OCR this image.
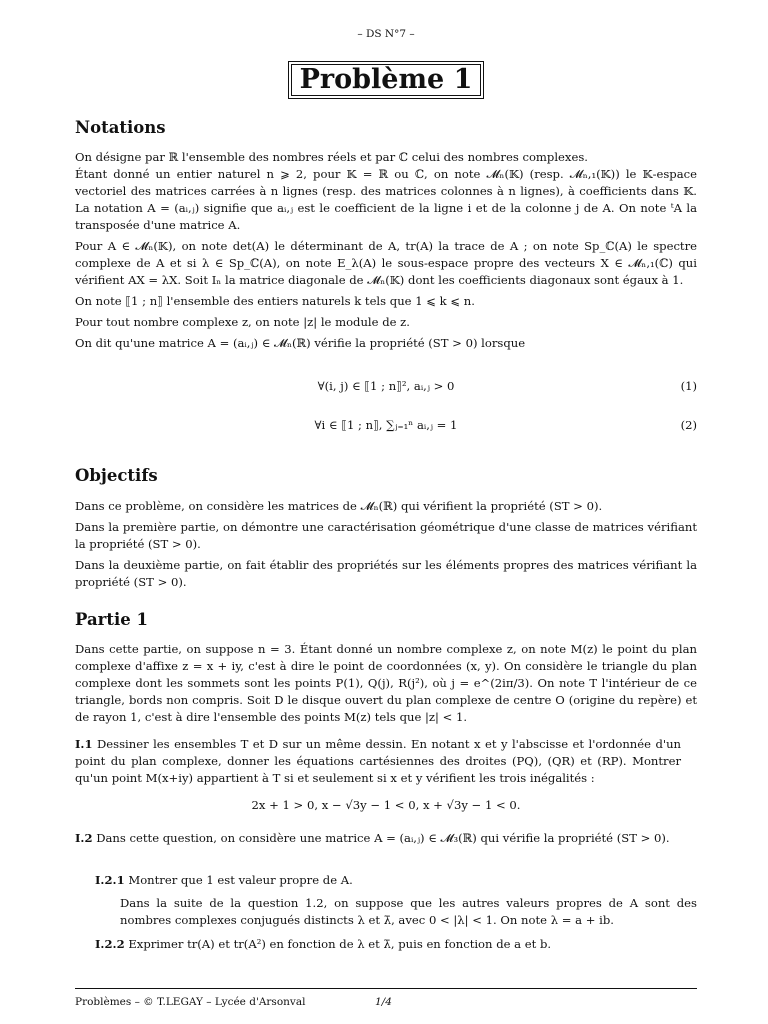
– DS N°7 –
Problème 1
Notations

On désigne par ℝ l'ensemble des nombres réels et par ℂ celui des nombres complexes.

Étant donné un entier naturel n ⩾ 2, pour 𝕂 = ℝ ou ℂ, on note 𝓜ₙ(𝕂) (resp. 𝓜ₙ,₁(𝕂)) le 𝕂-espace vectoriel des matrices carrées à n lignes (resp. des matrices colonnes à n lignes), à coefficients dans 𝕂. La notation A = (aᵢ,ⱼ) signifie que aᵢ,ⱼ est le coefficient de la ligne i et de la colonne j de A. On note ᵗA la transposée d'une matrice A.

Pour A ∈ 𝓜ₙ(𝕂), on note det(A) le déterminant de A, tr(A) la trace de A ; on note Sp_ℂ(A) le spectre complexe de A et si λ ∈ Sp_ℂ(A), on note E_λ(A) le sous-espace propre des vecteurs X ∈ 𝓜ₙ,₁(ℂ) qui vérifient AX = λX. Soit Iₙ la matrice diagonale de 𝓜ₙ(𝕂) dont les coefficients diagonaux sont égaux à 1.

On note ⟦1 ; n⟧ l'ensemble des entiers naturels k tels que 1 ⩽ k ⩽ n.

Pour tout nombre complexe z, on note |z| le module de z.

On dit qu'une matrice A = (aᵢ,ⱼ) ∈ 𝓜ₙ(ℝ) vérifie la propriété (ST > 0) lorsque

∀(i, j) ∈ ⟦1 ; n⟧², aᵢ,ⱼ > 0	(1)
∀i ∈ ⟦1 ; n⟧, ∑ⱼ₌₁ⁿ aᵢ,ⱼ = 1	(2)
Objectifs

Dans ce problème, on considère les matrices de 𝓜ₙ(ℝ) qui vérifient la propriété (ST > 0).

Dans la première partie, on démontre une caractérisation géométrique d'une classe de matrices vérifiant la propriété (ST > 0).

Dans la deuxième partie, on fait établir des propriétés sur les éléments propres des matrices vérifiant la propriété (ST > 0).

Partie 1

Dans cette partie, on suppose n = 3. Étant donné un nombre complexe z, on note M(z) le point du plan complexe d'affixe z = x + iy, c'est à dire le point de coordonnées (x, y). On considère le triangle du plan complexe dont les sommets sont les points P(1), Q(j), R(j²), où j = e^(2iπ/3). On note T l'intérieur de ce triangle, bords non compris. Soit D le disque ouvert du plan complexe de centre O (origine du repère) et de rayon 1, c'est à dire l'ensemble des points M(z) tels que |z| < 1.

I.1 Dessiner les ensembles T et D sur un même dessin. En notant x et y l'abscisse et l'ordonnée d'un point du plan complexe, donner les équations cartésiennes des droites (PQ), (QR) et (RP). Montrer qu'un point M(x+iy) appartient à T si et seulement si x et y vérifient les trois inégalités :
2x + 1 > 0, x − √3y − 1 < 0, x + √3y − 1 < 0.
I.2 Dans cette question, on considère une matrice A = (aᵢ,ⱼ) ∈ 𝓜₃(ℝ) qui vérifie la propriété (ST > 0).
I.2.1 Montrer que 1 est valeur propre de A.
Dans la suite de la question 1.2, on suppose que les autres valeurs propres de A sont des nombres complexes conjugués distincts λ et λ̄, avec 0 < |λ| < 1. On note λ = a + ib.
I.2.2 Exprimer tr(A) et tr(A²) en fonction de λ et λ̄, puis en fonction de a et b.
Problèmes – © T.LEGAY – Lycée d'Arsonval	1/4
